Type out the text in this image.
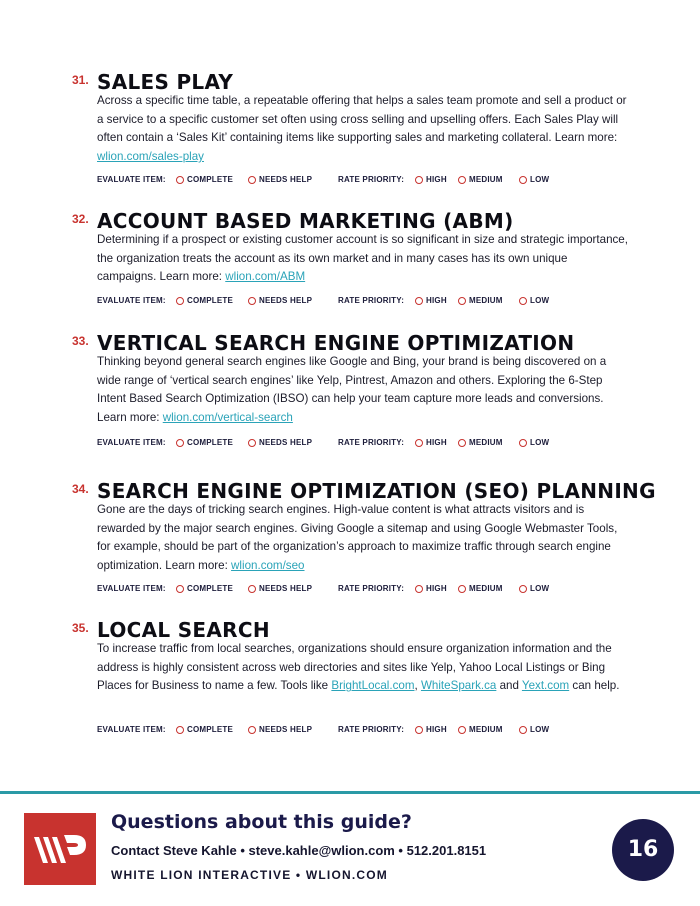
31. SALES PLAY
Across a specific time table, a repeatable offering that helps a sales team promote and sell a product or a service to a specific customer set often using cross selling and upselling offers. Each Sales Play will often contain a ‘Sales Kit’ containing items like supporting sales and marketing collateral. Learn more: wlion.com/sales-play
EVALUATE ITEM:	COMPLETE	NEEDS HELP	RATE PRIORITY:	HIGH	MEDIUM	LOW
32. ACCOUNT BASED MARKETING (ABM)
Determining if a prospect or existing customer account is so significant in size and strategic importance, the organization treats the account as its own market and in many cases has its own unique campaigns. Learn more: wlion.com/ABM
EVALUATE ITEM:	COMPLETE	NEEDS HELP	RATE PRIORITY:	HIGH	MEDIUM	LOW
33. VERTICAL SEARCH ENGINE OPTIMIZATION
Thinking beyond general search engines like Google and Bing, your brand is being discovered on a wide range of ‘vertical search engines’ like Yelp, Pintrest, Amazon and others. Exploring the 6-Step Intent Based Search Optimization (IBSO) can help your team capture more leads and conversions. Learn more: wlion.com/vertical-search
EVALUATE ITEM:	COMPLETE	NEEDS HELP	RATE PRIORITY:	HIGH	MEDIUM	LOW
34. SEARCH ENGINE OPTIMIZATION (SEO) PLANNING
Gone are the days of tricking search engines. High-value content is what attracts visitors and is rewarded by the major search engines. Giving Google a sitemap and using Google Webmaster Tools, for example, should be part of the organization’s approach to maximize traffic through search engine optimization. Learn more: wlion.com/seo
EVALUATE ITEM:	COMPLETE	NEEDS HELP	RATE PRIORITY:	HIGH	MEDIUM	LOW
35. LOCAL SEARCH
To increase traffic from local searches, organizations should ensure organization information and the address is highly consistent across web directories and sites like Yelp, Yahoo Local Listings or Bing Places for Business to name a few. Tools like BrightLocal.com, WhiteSpark.ca and Yext.com can help.
EVALUATE ITEM:	COMPLETE	NEEDS HELP	RATE PRIORITY:	HIGH	MEDIUM	LOW
Questions about this guide?
Contact Steve Kahle • steve.kahle@wlion.com • 512.201.8151
WHITE LION INTERACTIVE • WLION.COM
16
